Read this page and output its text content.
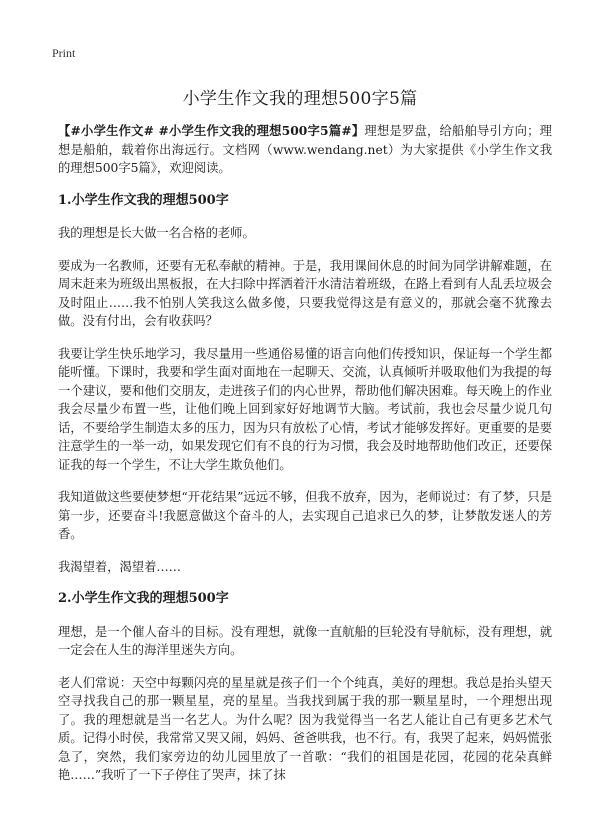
Print
小学生作文我的理想500字5篇

【#小学生作文# #小学生作文我的理想500字5篇#】理想是罗盘，给船舶导引方向；理想是船舶，载着你出海远行。文档网（www.wendang.net）为大家提供《小学生作文我的理想500字5篇》，欢迎阅读。

1.小学生作文我的理想500字

我的理想是长大做一名合格的老师。

要成为一名教师，还要有无私奉献的精神。于是，我用课间休息的时间为同学讲解难题，在周末赶来为班级出黑板报，在大扫除中挥洒着汗水清洁着班级，在路上看到有人乱丢垃圾会及时阻止……我不怕别人笑我这么做多傻，只要我觉得这是有意义的，那就会毫不犹豫去做。没有付出，会有收获吗？

我要让学生快乐地学习，我尽量用一些通俗易懂的语言向他们传授知识，保证每一个学生都能听懂。下课时，我要和学生面对面地在一起聊天、交流，认真倾听并吸取他们为我提的每一个建议，要和他们交朋友，走进孩子们的内心世界，帮助他们解决困难。每天晚上的作业我会尽量少布置一些，让他们晚上回到家好好地调节大脑。考试前，我也会尽量少说几句话，不要给学生制造太多的压力，因为只有放松了心情，考试才能够发挥好。更重要的是要注意学生的一举一动，如果发现它们有不良的行为习惯，我会及时地帮助他们改正，还要保证我的每一个学生，不让大学生欺负他们。

我知道做这些要使梦想“开花结果”远远不够，但我不放弃，因为，老师说过：有了梦，只是第一步，还要奋斗!我愿意做这个奋斗的人，去实现自己追求已久的梦，让梦散发迷人的芳香。

我渴望着，渴望着……

2.小学生作文我的理想500字

理想，是一个催人奋斗的目标。没有理想，就像一直航船的巨轮没有导航标，没有理想，就一定会在人生的海洋里迷失方向。

老人们常说：天空中每颗闪亮的星星就是孩子们一个个纯真，美好的理想。我总是抬头望天空寻找我自己的那一颗星星，亮的星星。当我找到属于我的那一颗星星时，一个理想出现了。我的理想就是当一名艺人。为什么呢？因为我觉得当一名艺人能让自己有更多艺术气质。记得小时侯，我常常又哭又闹，妈妈、爸爸哄我，也不行。有，我哭了起来，妈妈慌张急了，突然，我们家旁边的幼儿园里放了一首歌：“我们的祖国是花园，花园的花朵真鲜艳……”我听了一下子停住了哭声，抹了抹
